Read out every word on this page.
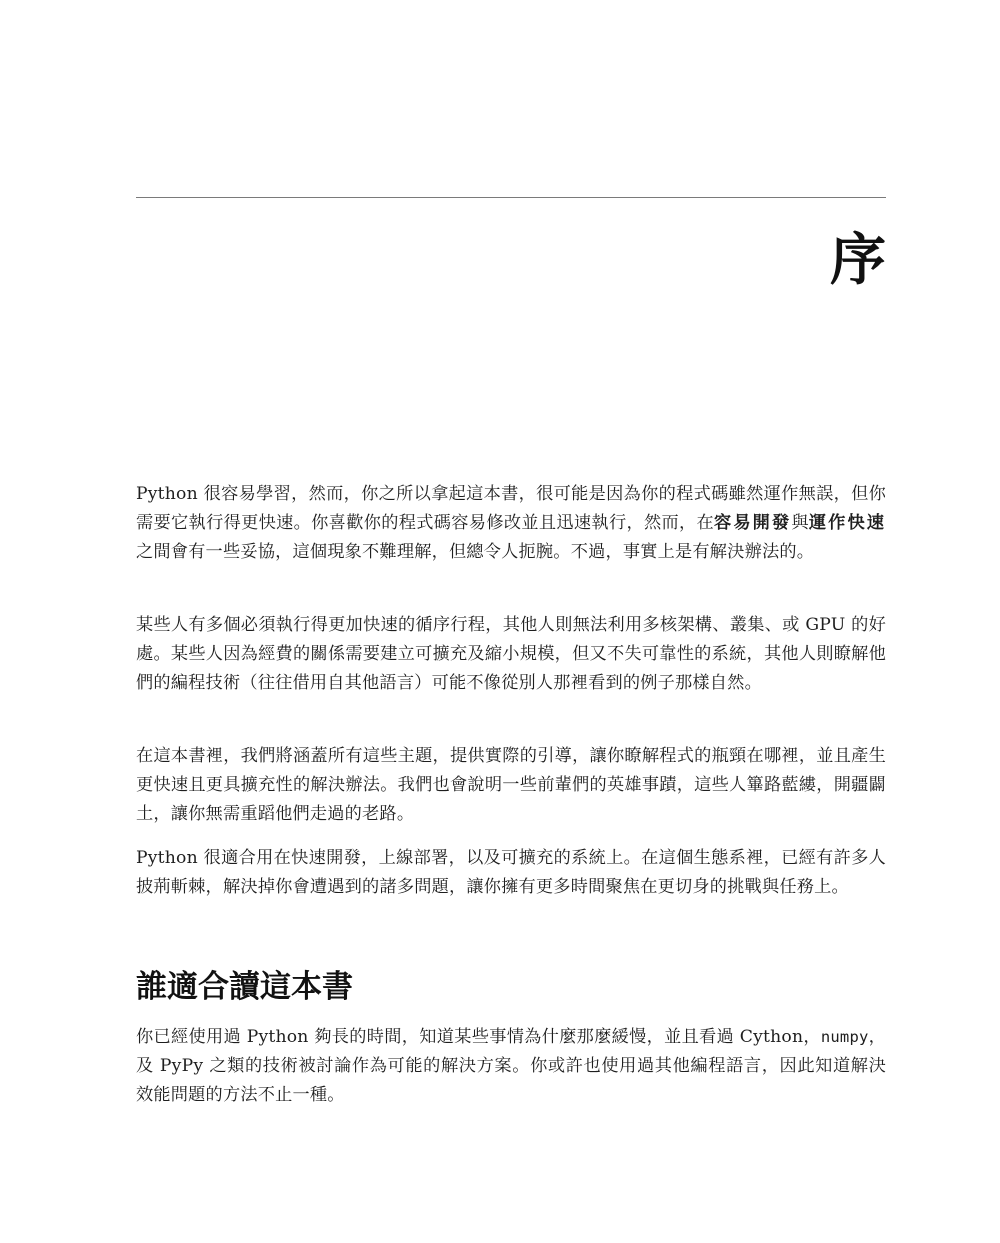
序

Python 很容易學習，然而，你之所以拿起這本書，很可能是因為你的程式碼雖然運作無誤，但你需要它執行得更快速。你喜歡你的程式碼容易修改並且迅速執行，然而，在容易開發與運作快速之間會有一些妥協，這個現象不難理解，但總令人扼腕。不過，事實上是有解決辦法的。

某些人有多個必須執行得更加快速的循序行程，其他人則無法利用多核架構、叢集、或 GPU 的好處。某些人因為經費的關係需要建立可擴充及縮小規模，但又不失可靠性的系統，其他人則瞭解他們的編程技術（往往借用自其他語言）可能不像從別人那裡看到的例子那樣自然。

在這本書裡，我們將涵蓋所有這些主題，提供實際的引導，讓你瞭解程式的瓶頸在哪裡，並且產生更快速且更具擴充性的解決辦法。我們也會說明一些前輩們的英雄事蹟，這些人篳路藍縷，開疆闢土，讓你無需重蹈他們走過的老路。

Python 很適合用在快速開發，上線部署，以及可擴充的系統上。在這個生態系裡，已經有許多人披荊斬棘，解決掉你會遭遇到的諸多問題，讓你擁有更多時間聚焦在更切身的挑戰與任務上。

誰適合讀這本書

你已經使用過 Python 夠長的時間，知道某些事情為什麼那麼緩慢，並且看過 Cython，numpy，及 PyPy 之類的技術被討論作為可能的解決方案。你或許也使用過其他編程語言，因此知道解決效能問題的方法不止一種。
